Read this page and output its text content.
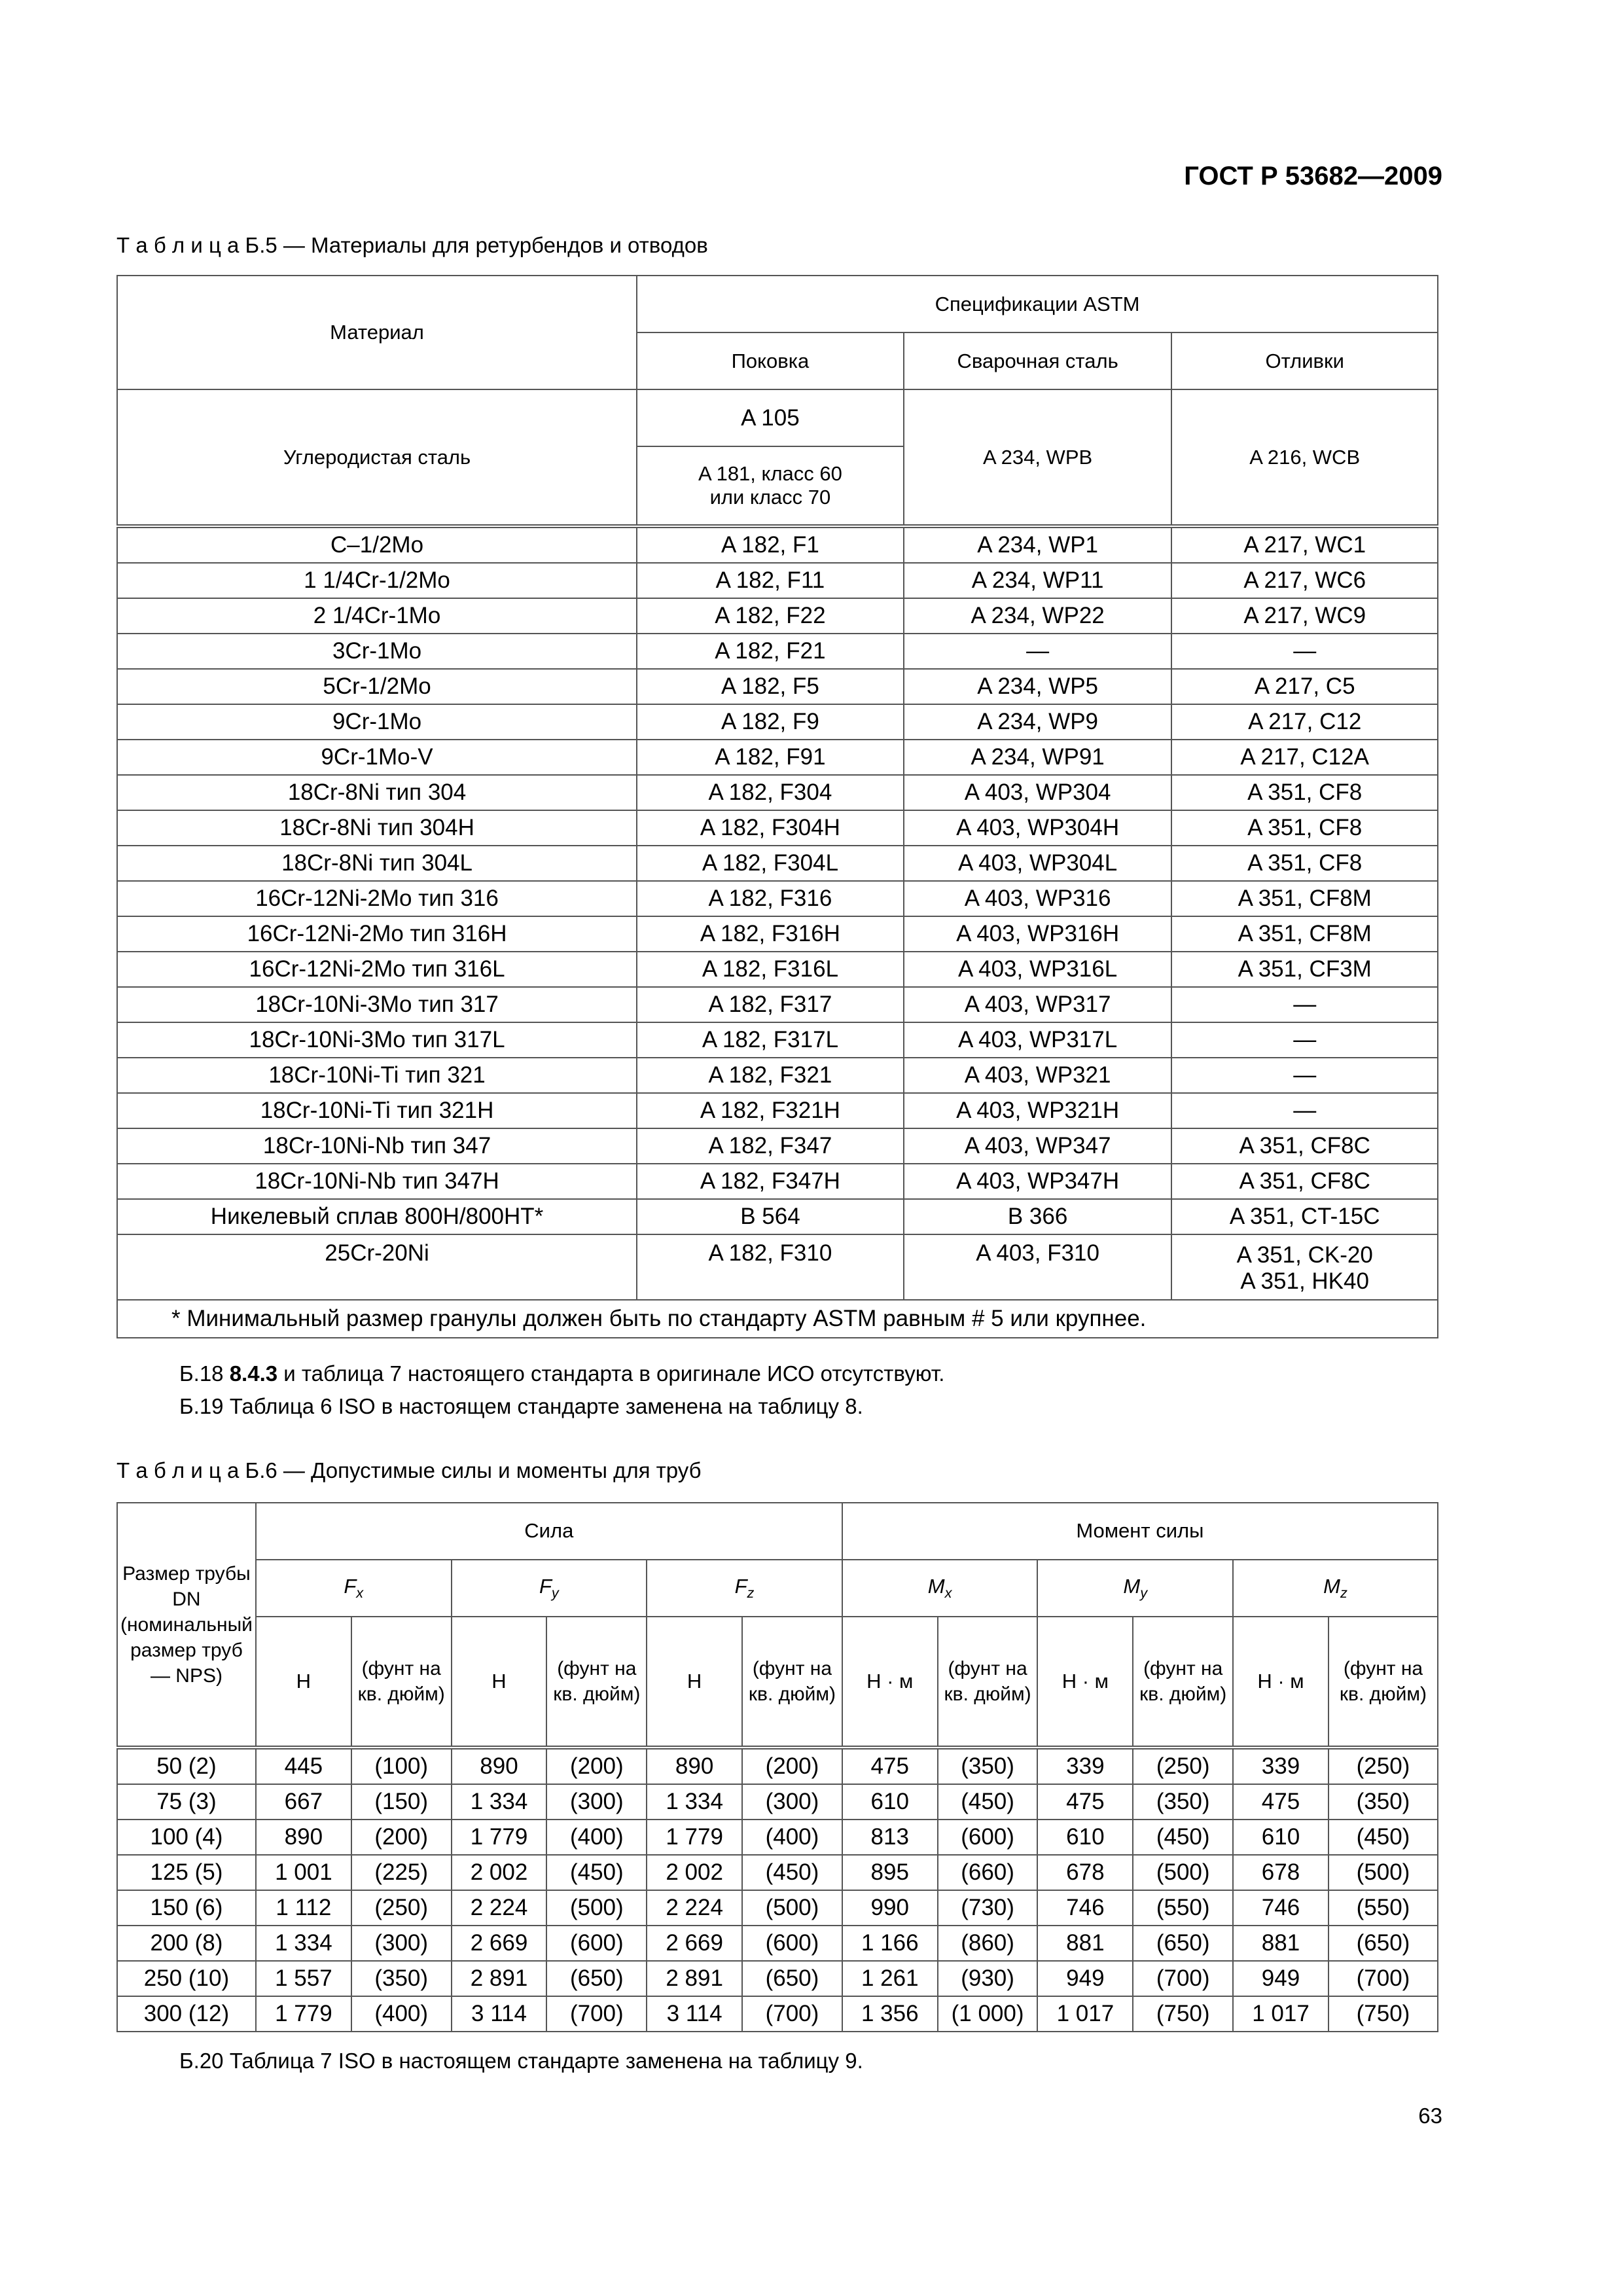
ГОСТ Р 53682—2009
Т а б л и ц а Б.5 — Материалы для ретурбендов и отводов
Материал	Спецификации ASTM		
	Поковка	Сварочная сталь	Отливки
Углеродистая сталь	A 105	A 234, WPB	A 216, WCB
	A 181, класс 60 или класс 70		
C–1/2Mo	A 182, F1	A 234, WP1	A 217, WC1
1 1/4Cr-1/2Mo	A 182, F11	A 234, WP11	A 217, WC6
2 1/4Cr-1Mo	A 182, F22	A 234, WP22	A 217, WC9
3Cr-1Mo	A 182, F21	—	—
5Cr-1/2Mo	A 182, F5	A 234, WP5	A 217, C5
9Cr-1Mo	A 182, F9	A 234, WP9	A 217, C12
9Cr-1Mo-V	A 182, F91	A 234, WP91	A 217, C12A
18Cr-8Ni тип 304	A 182, F304	A 403, WP304	A 351, CF8
18Cr-8Ni тип 304H	A 182, F304H	A 403, WP304H	A 351, CF8
18Cr-8Ni тип 304L	A 182, F304L	A 403, WP304L	A 351, CF8
16Cr-12Ni-2Mo тип 316	A 182, F316	A 403, WP316	A 351, CF8M
16Cr-12Ni-2Mo тип 316H	A 182, F316H	A 403, WP316H	A 351, CF8M
16Cr-12Ni-2Mo тип 316L	A 182, F316L	A 403, WP316L	A 351, CF3M
18Cr-10Ni-3Mo тип 317	A 182, F317	A 403, WP317	—
18Cr-10Ni-3Mo тип 317L	A 182, F317L	A 403, WP317L	—
18Cr-10Ni-Ti тип 321	A 182, F321	A 403, WP321	—
18Cr-10Ni-Ti тип 321H	A 182, F321H	A 403, WP321H	—
18Cr-10Ni-Nb тип 347	A 182, F347	A 403, WP347	A 351, CF8C
18Cr-10Ni-Nb тип 347H	A 182, F347H	A 403, WP347H	A 351, CF8C
Никелевый сплав 800H/800HT*	B 564	B 366	A 351, CT-15C
25Cr-20Ni	A 182, F310	A 403, F310	A 351, CK-20
A 351, HK40
* Минимальный размер гранулы должен быть по стандарту ASTM равным # 5 или крупнее.			
Б.18 8.4.3 и таблица 7 настоящего стандарта в оригинале ИСО отсутствуют.
Б.19 Таблица 6 ISO в настоящем стандарте заменена на таблицу 8.
Т а б л и ц а Б.6 — Допустимые силы и моменты для труб
Размер трубы DN (номинальный размер труб — NPS)	Сила						Момент силы					
	$F_x$		$F_y$		$F_z$		$M_x$		$M_y$		$M_z$
	Н	(фунт на кв. дюйм)	Н	(фунт на кв. дюйм)	Н	(фунт на кв. дюйм)	Н · м	(фунт на кв. дюйм)	Н · м	(фунт на кв. дюйм)	Н · м	(фунт на кв. дюйм)
50 (2)	445	(100)	890	(200)	890	(200)	475	(350)	339	(250)	339	(250)
75 (3)	667	(150)	1 334	(300)	1 334	(300)	610	(450)	475	(350)	475	(350)
100 (4)	890	(200)	1 779	(400)	1 779	(400)	813	(600)	610	(450)	610	(450)
125 (5)	1 001	(225)	2 002	(450)	2 002	(450)	895	(660)	678	(500)	678	(500)
150 (6)	1 112	(250)	2 224	(500)	2 224	(500)	990	(730)	746	(550)	746	(550)
200 (8)	1 334	(300)	2 669	(600)	2 669	(600)	1 166	(860)	881	(650)	881	(650)
250 (10)	1 557	(350)	2 891	(650)	2 891	(650)	1 261	(930)	949	(700)	949	(700)
300 (12)	1 779	(400)	3 114	(700)	3 114	(700)	1 356	(1 000)	1 017	(750)	1 017	(750)
Б.20 Таблица 7 ISO в настоящем стандарте заменена на таблицу 9.
63
